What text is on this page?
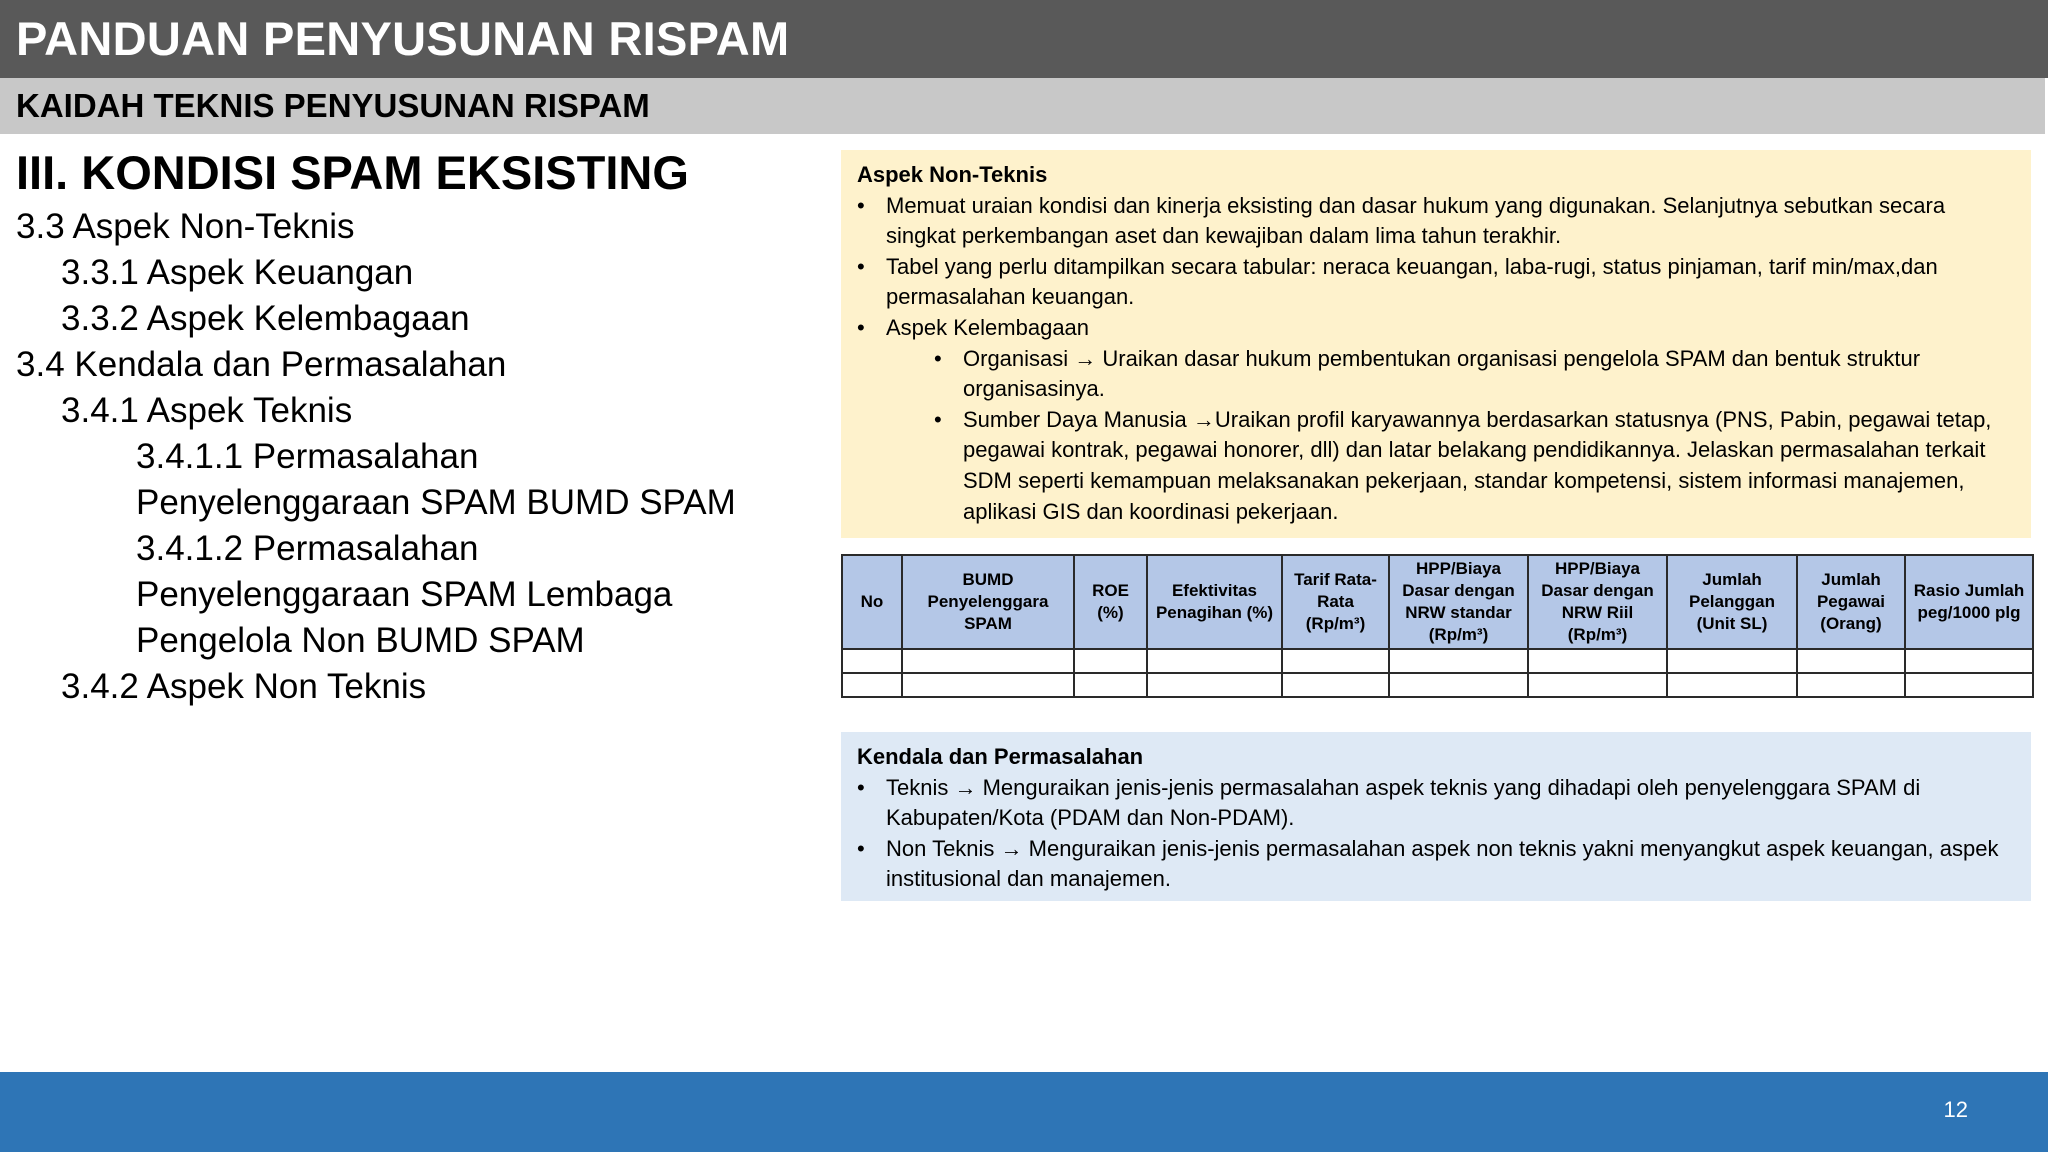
PANDUAN PENYUSUNAN RISPAM
KAIDAH TEKNIS PENYUSUNAN RISPAM
III. KONDISI SPAM EKSISTING
3.3 Aspek Non-Teknis
3.3.1 Aspek Keuangan
3.3.2 Aspek Kelembagaan
3.4 Kendala dan Permasalahan
3.4.1 Aspek Teknis
3.4.1.1 Permasalahan Penyelenggaraan SPAM BUMD SPAM
3.4.1.2 Permasalahan Penyelenggaraan SPAM Lembaga Pengelola Non BUMD SPAM
3.4.2 Aspek Non Teknis
Aspek Non-Teknis
• Memuat uraian kondisi dan kinerja eksisting dan dasar hukum yang digunakan. Selanjutnya sebutkan secara singkat perkembangan aset dan kewajiban dalam lima tahun terakhir.
• Tabel yang perlu ditampilkan secara tabular: neraca keuangan, laba-rugi, status pinjaman, tarif min/max,dan permasalahan keuangan.
• Aspek Kelembagaan
• Organisasi → Uraikan dasar hukum pembentukan organisasi pengelola SPAM dan bentuk struktur organisasinya.
• Sumber Daya Manusia →Uraikan profil karyawannya berdasarkan statusnya (PNS, Pabin, pegawai tetap, pegawai kontrak, pegawai honorer, dll) dan latar belakang pendidikannya. Jelaskan permasalahan terkait SDM seperti kemampuan melaksanakan pekerjaan, standar kompetensi, sistem informasi manajemen, aplikasi GIS dan koordinasi pekerjaan.
No	BUMD Penyelenggara SPAM	ROE (%)	Efektivitas Penagihan (%)	Tarif Rata-Rata (Rp/m³)	HPP/Biaya Dasar dengan NRW standar (Rp/m³)	HPP/Biaya Dasar dengan NRW Riil (Rp/m³)	Jumlah Pelanggan (Unit SL)	Jumlah Pegawai (Orang)	Rasio Jumlah peg/1000 plg

Kendala dan Permasalahan
• Teknis → Menguraikan jenis-jenis permasalahan aspek teknis yang dihadapi oleh penyelenggara SPAM di Kabupaten/Kota (PDAM dan Non-PDAM).
• Non Teknis → Menguraikan jenis-jenis permasalahan aspek non teknis yakni menyangkut aspek keuangan, aspek institusional dan manajemen.
12
